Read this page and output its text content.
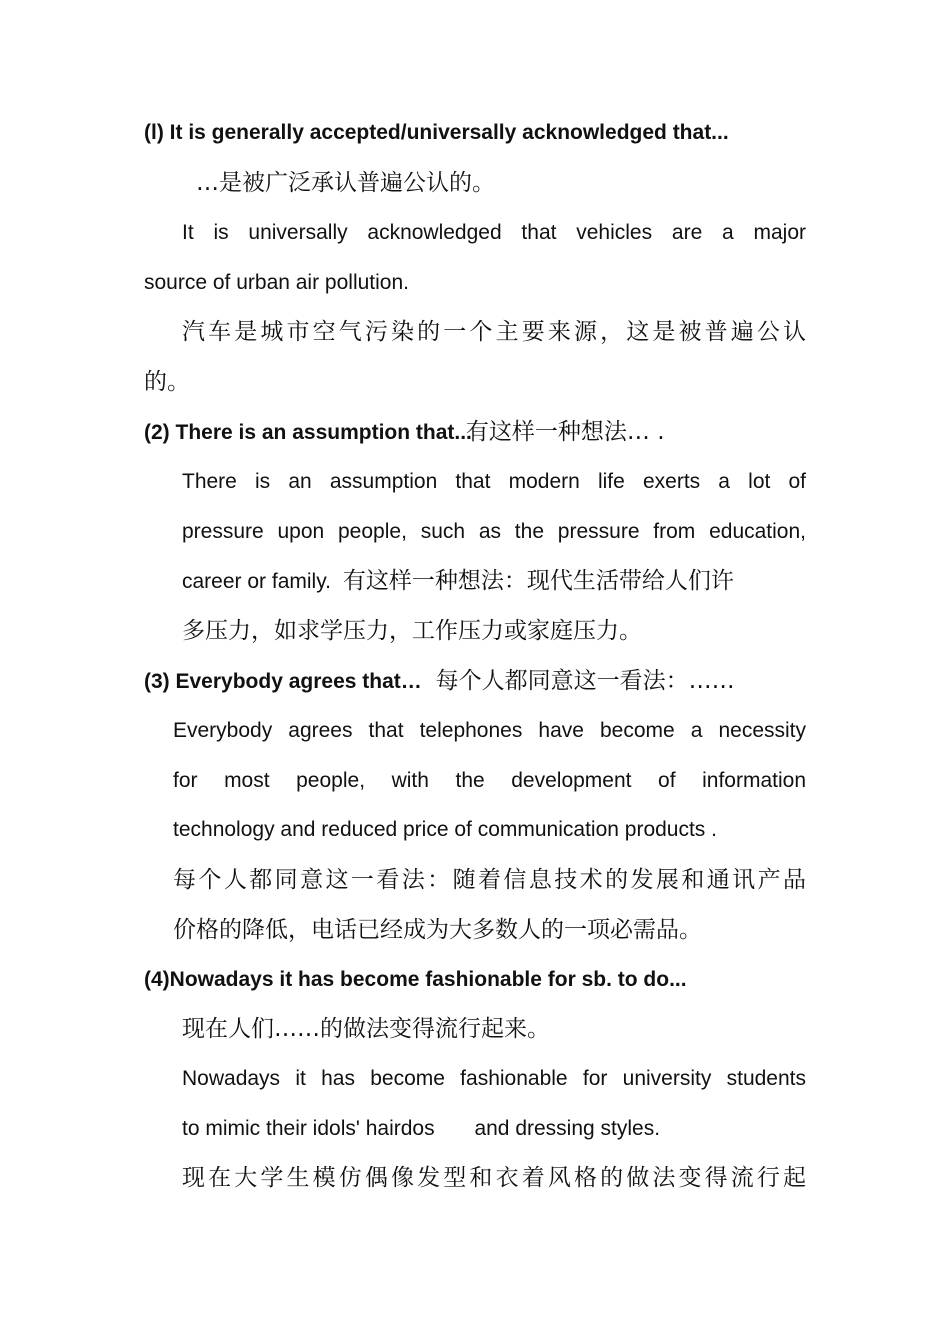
(l) It is generally accepted/universally acknowledged that...
…是被广泛承认普遍公认的。
It is universally acknowledged that vehicles are a major
source of urban air pollution.
汽车是城市空气污染的一个主要来源，这是被普遍公认
的。
(2) There is an assumption that...有这样一种想法… .
There is an assumption that modern life exerts a lot of
pressure upon people, such as the pressure from education,
career or family. 有这样一种想法：现代生活带给人们许
多压力，如求学压力，工作压力或家庭压力。
(3) Everybody agrees that… 每个人都同意这一看法：……
Everybody agrees that telephones have become a necessity
for most people, with the development of information
technology and reduced price of communication products .
每个人都同意这一看法：随着信息技术的发展和通讯产品
价格的降低，电话已经成为大多数人的一项必需品。
(4)Nowadays it has become fashionable for sb. to do...
现在人们……的做法变得流行起来。
Nowadays it has become fashionable for university students
to mimic their idols' hairdos and dressing styles.
现在大学生模仿偶像发型和衣着风格的做法变得流行起
